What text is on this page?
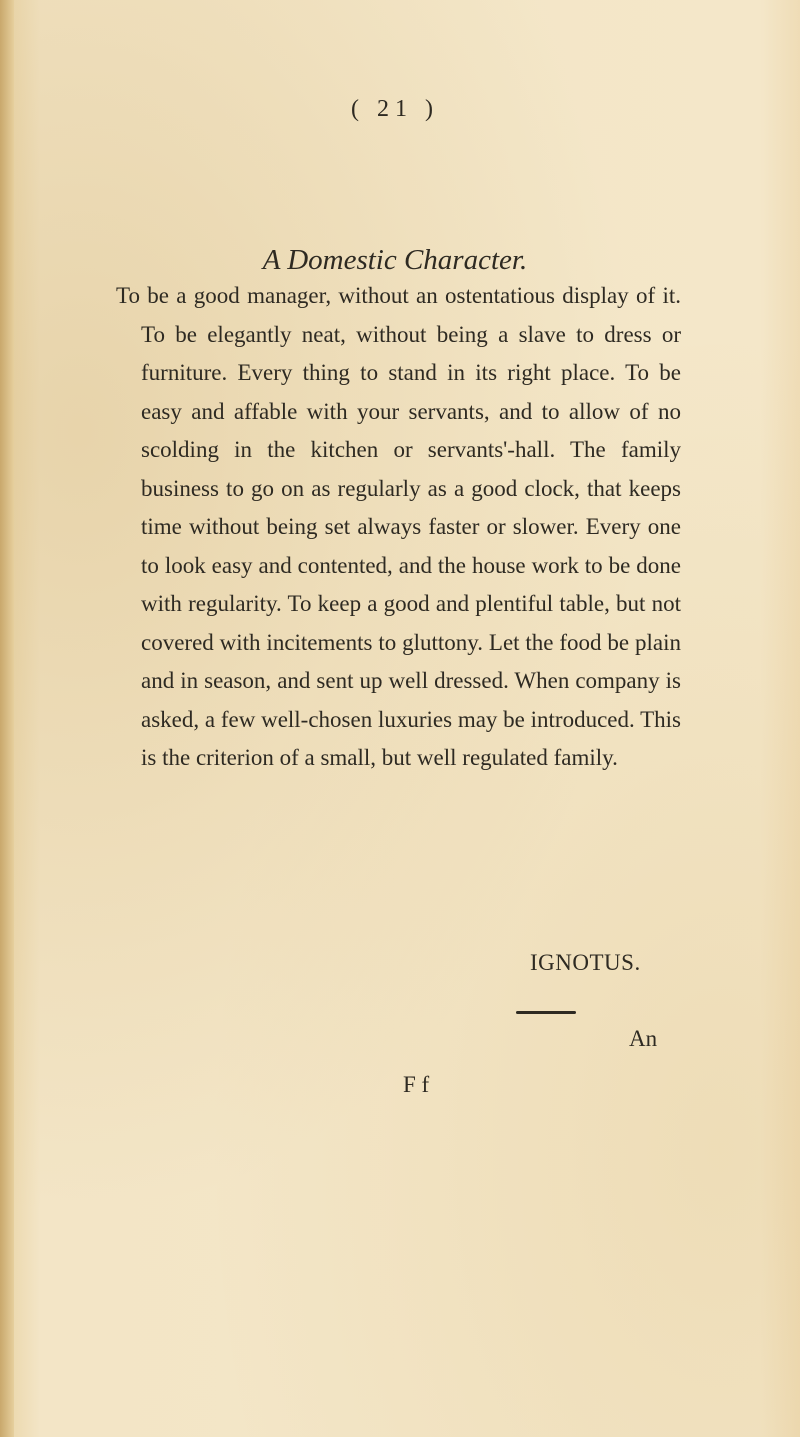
( 21 )
A Domestic Character.

To be a good manager, without an ostentatious display of it. To be elegantly neat, without being a slave to dress or furniture. Every thing to stand in its right place. To be easy and affable with your servants, and to allow of no scolding in the kitchen or servants'-hall. The family business to go on as regularly as a good clock, that keeps time without being set always faster or slower. Every one to look easy and contented, and the house work to be done with regularity. To keep a good and plentiful table, but not covered with incitements to gluttony. Let the food be plain and in season, and sent up well dressed. When company is asked, a few well-chosen luxuries may be introduced. This is the criterion of a small, but well regulated family.

IGNOTUS.
An
F f
